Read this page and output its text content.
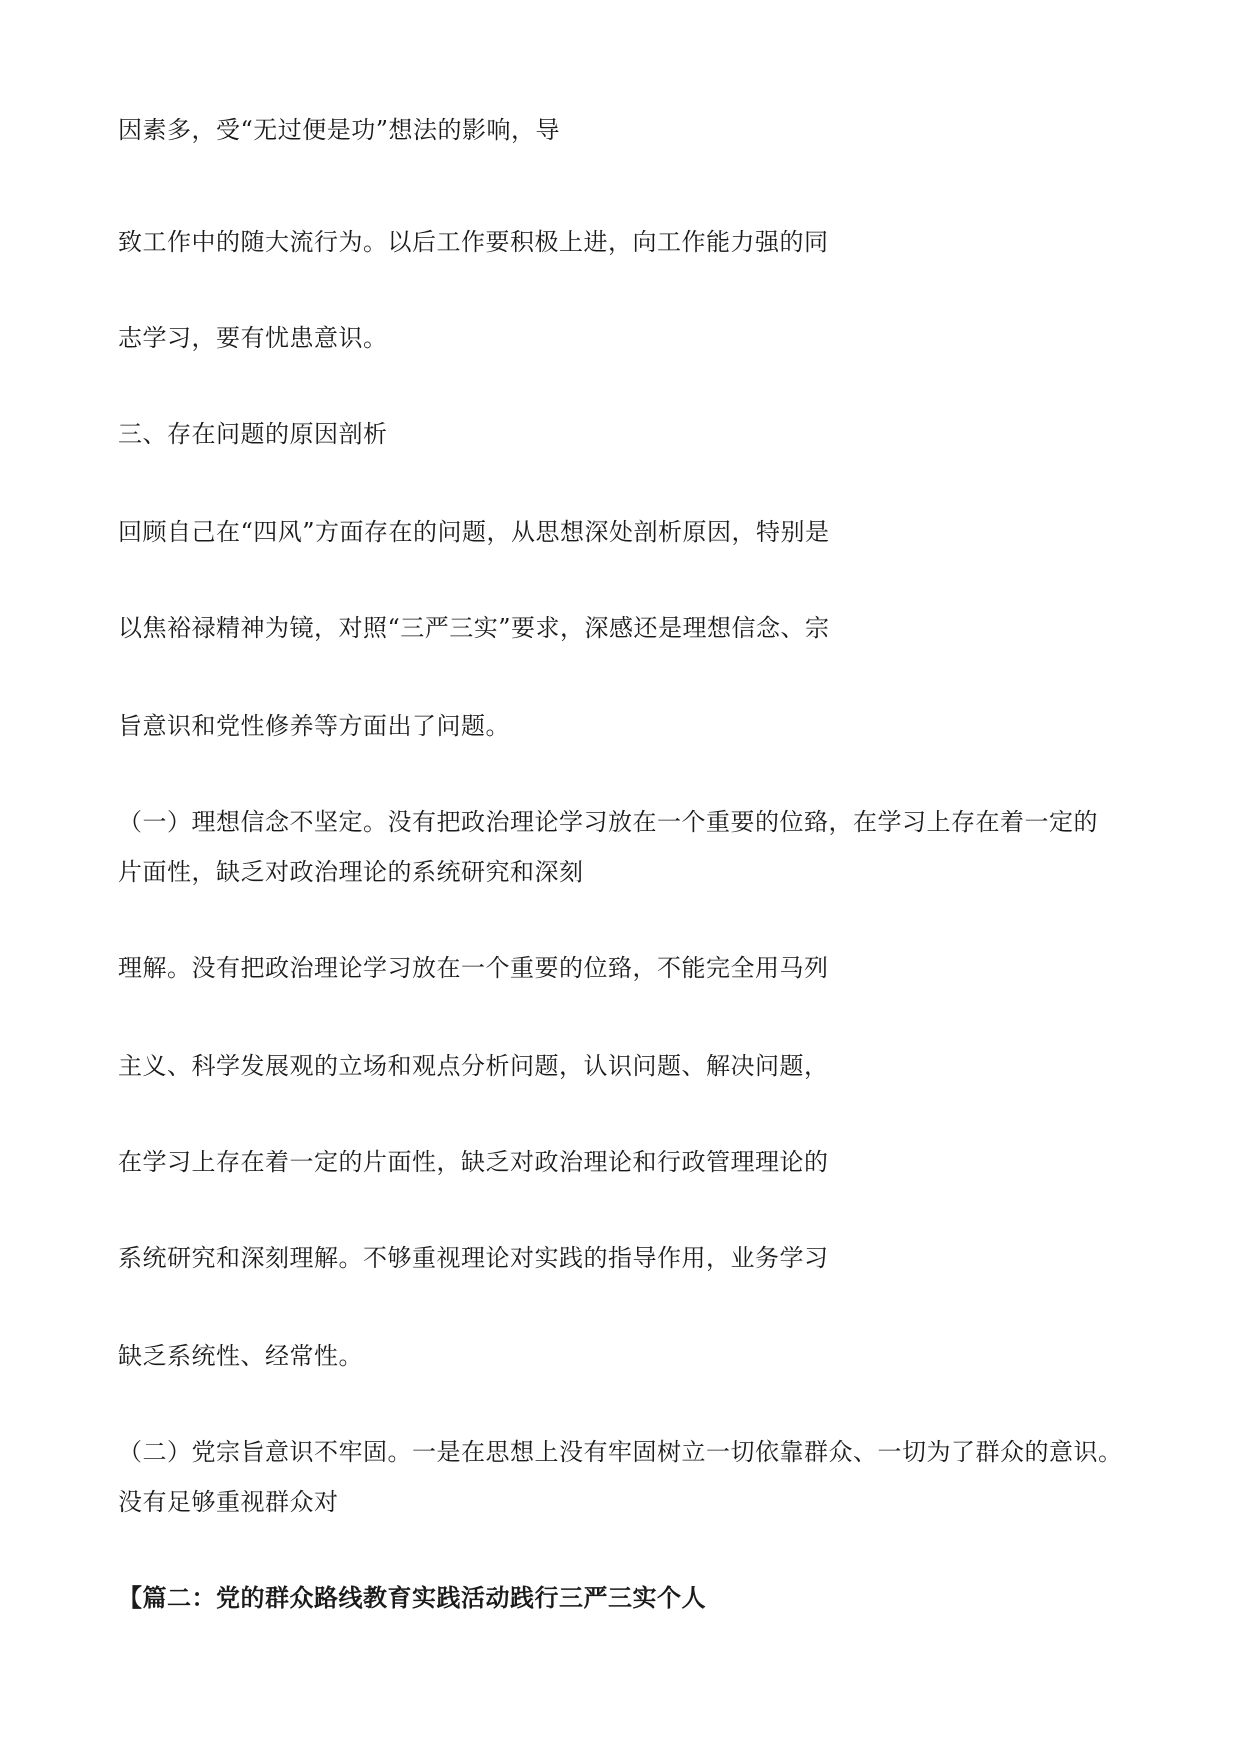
因素多，受“无过便是功”想法的影响，导

致工作中的随大流行为。以后工作要积极上进，向工作能力强的同

志学习，要有忧患意识。

三、存在问题的原因剖析

回顾自己在“四风”方面存在的问题，从思想深处剖析原因，特别是

以焦裕禄精神为镜，对照“三严三实”要求，深感还是理想信念、宗

旨意识和党性修养等方面出了问题。

（一）理想信念不坚定。没有把政治理论学习放在一个重要的位臵，在学习上存在着一定的

片面性，缺乏对政治理论的系统研究和深刻

理解。没有把政治理论学习放在一个重要的位臵，不能完全用马列

主义、科学发展观的立场和观点分析问题，认识问题、解决问题，

在学习上存在着一定的片面性，缺乏对政治理论和行政管理理论的

系统研究和深刻理解。不够重视理论对实践的指导作用，业务学习

缺乏系统性、经常性。

（二）党宗旨意识不牢固。一是在思想上没有牢固树立一切依靠群众、一切为了群众的意识。

没有足够重视群众对

【篇二：党的群众路线教育实践活动践行三严三实个人
